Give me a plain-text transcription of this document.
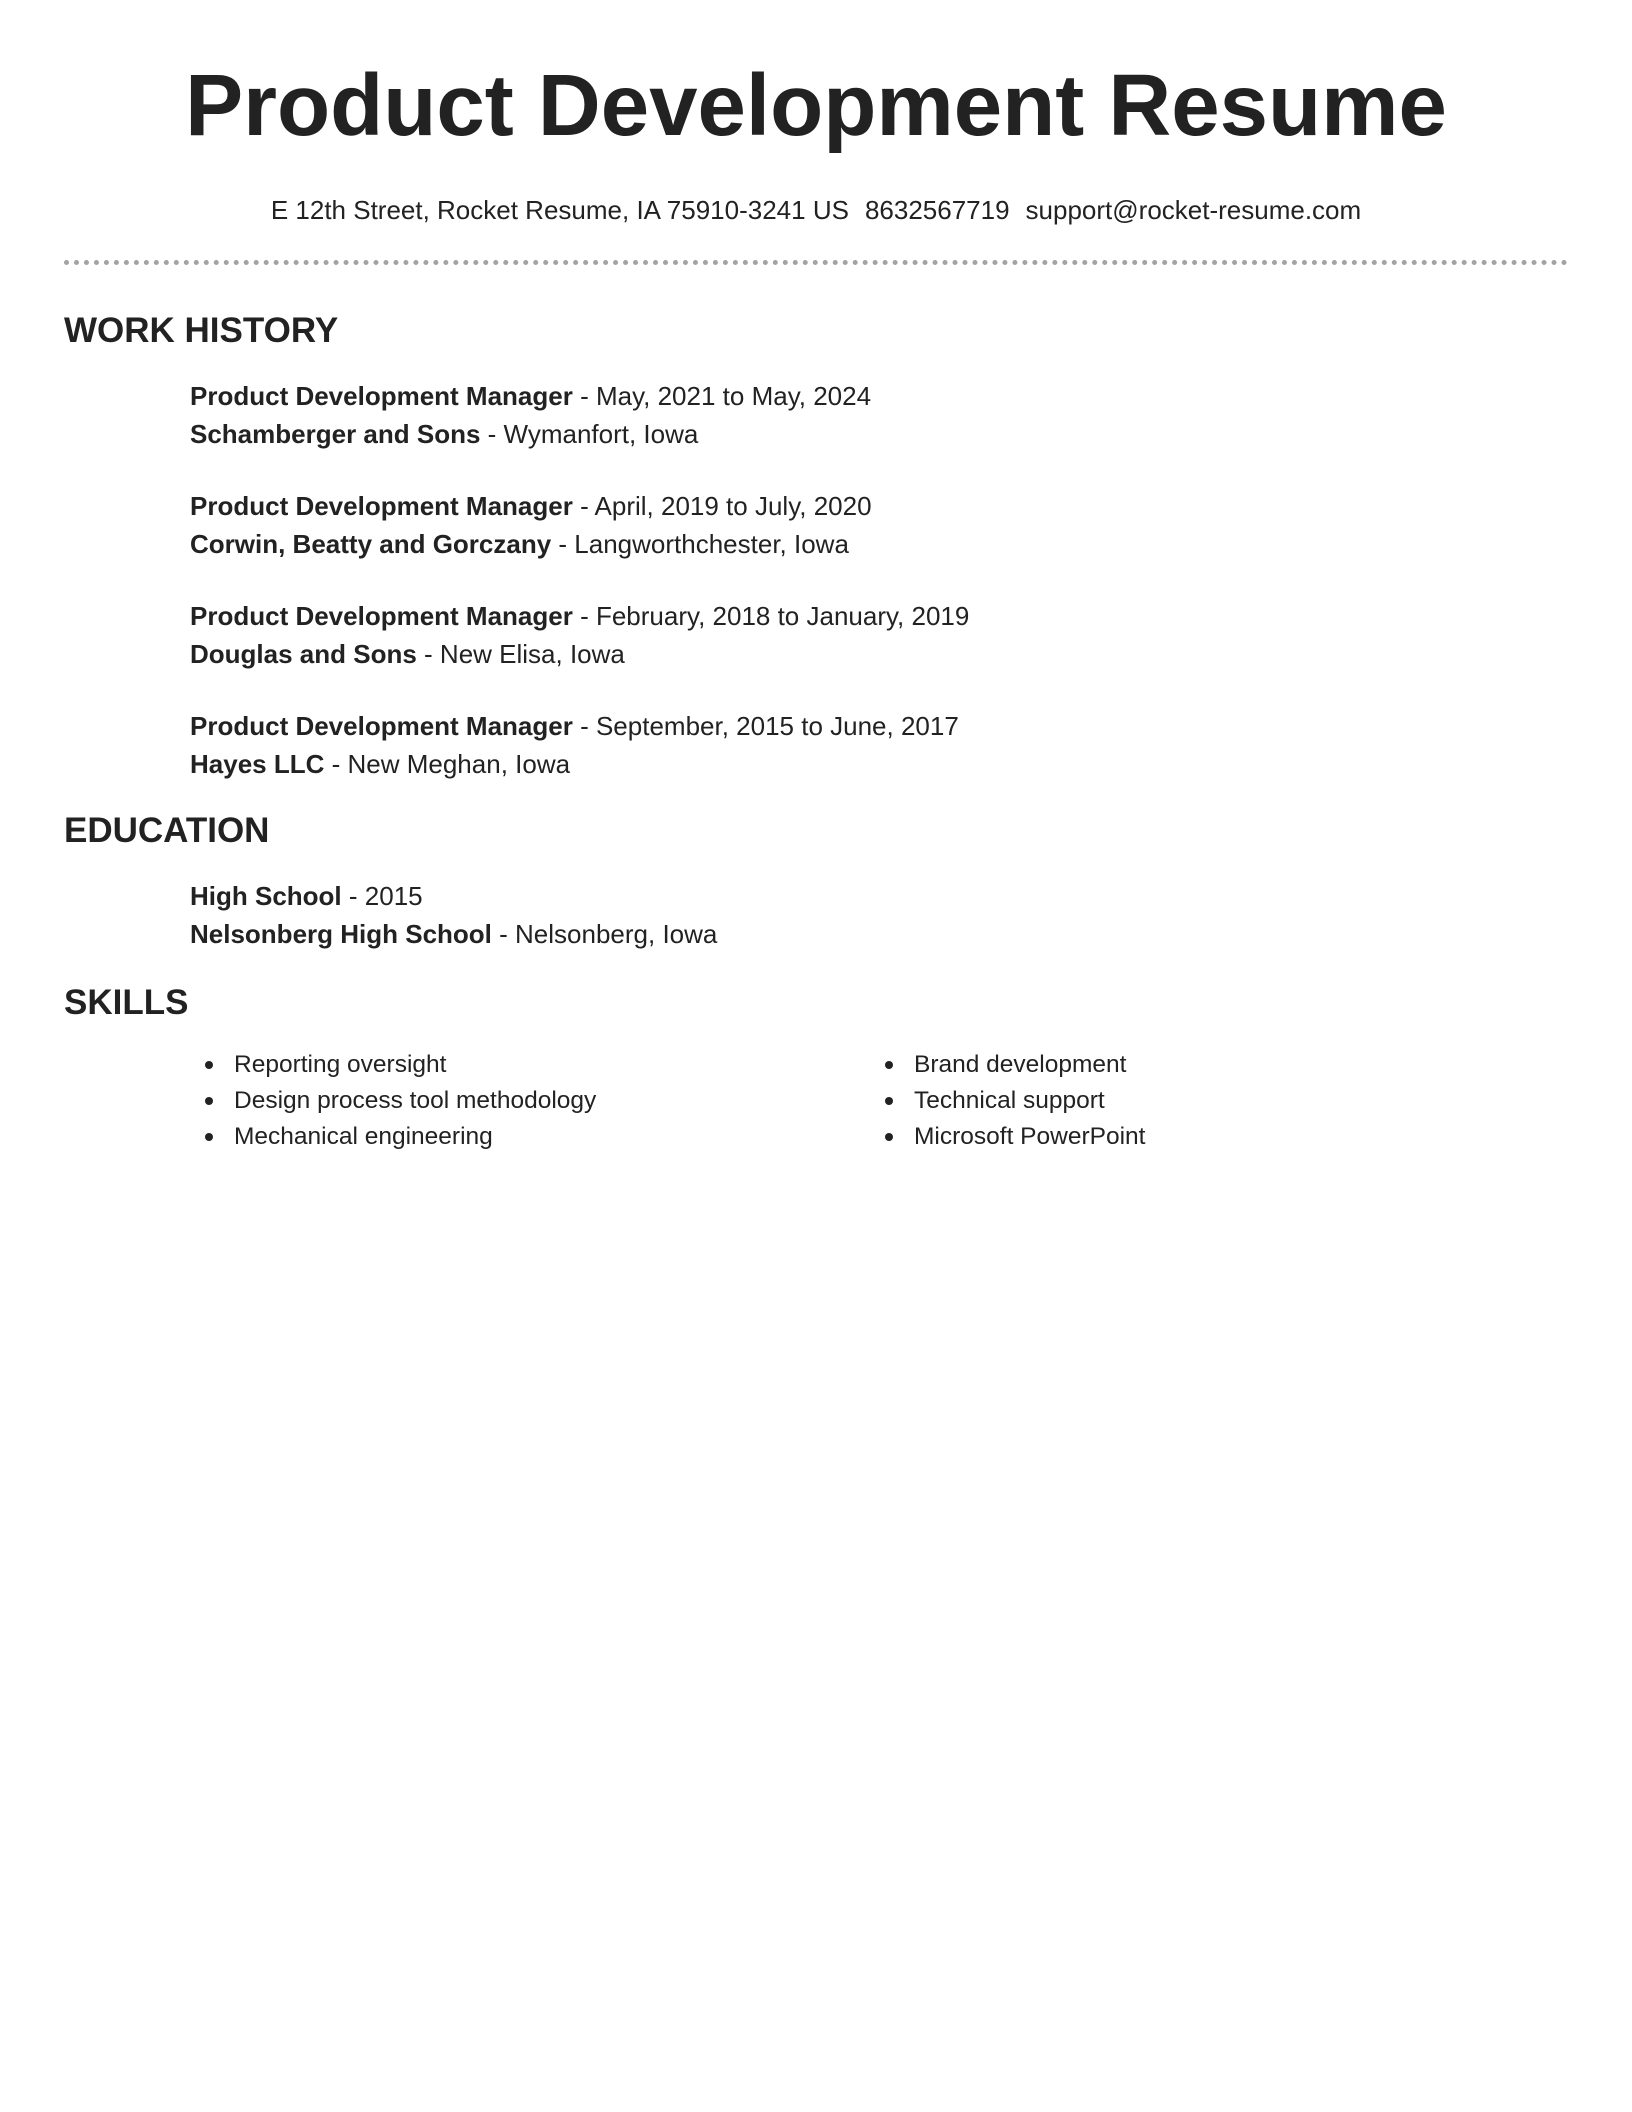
Product Development Resume
E 12th Street, Rocket Resume, IA 75910-3241 US 8632567719 support@rocket-resume.com
WORK HISTORY
Product Development Manager - May, 2021 to May, 2024
Schamberger and Sons - Wymanfort, Iowa
Product Development Manager - April, 2019 to July, 2020
Corwin, Beatty and Gorczany - Langworthchester, Iowa
Product Development Manager - February, 2018 to January, 2019
Douglas and Sons - New Elisa, Iowa
Product Development Manager - September, 2015 to June, 2017
Hayes LLC - New Meghan, Iowa
EDUCATION
High School - 2015
Nelsonberg High School - Nelsonberg, Iowa
SKILLS
Reporting oversight
Design process tool methodology
Mechanical engineering
Brand development
Technical support
Microsoft PowerPoint
